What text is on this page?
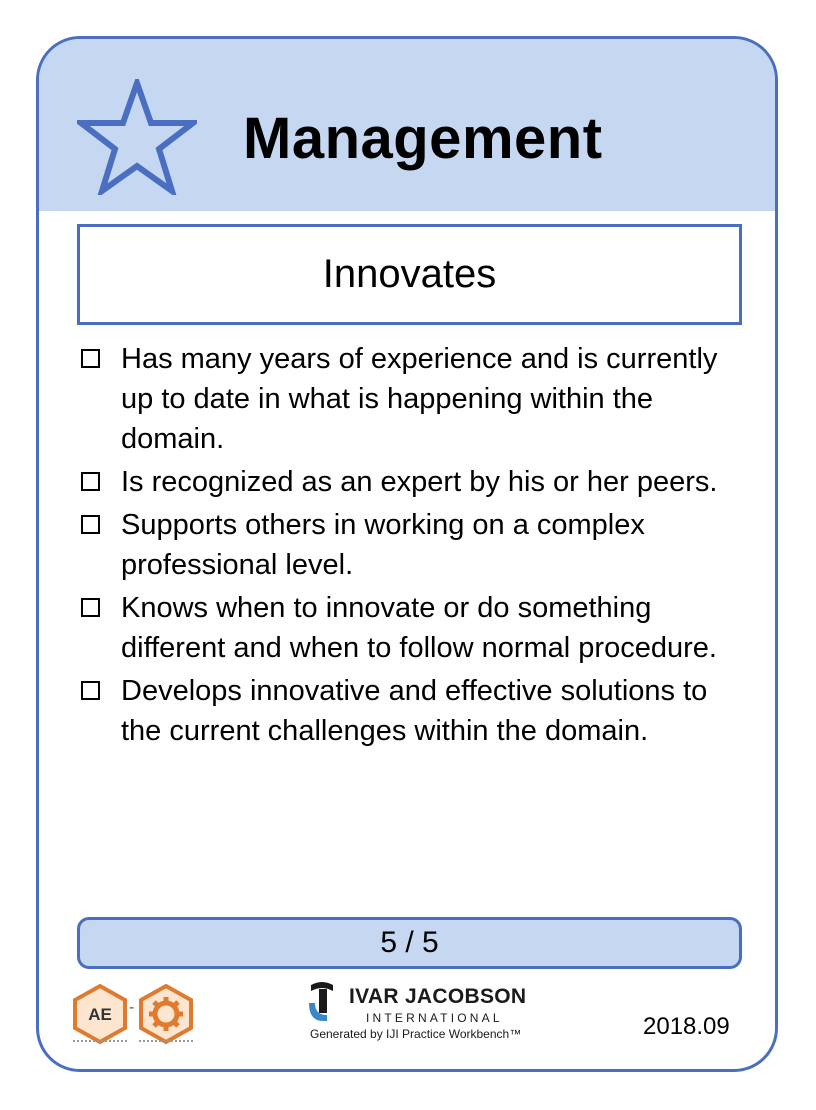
Management
Innovates
Has many years of experience and is currently up to date in what is happening within the domain.
Is recognized as an expert by his or her peers.
Supports others in working on a complex professional level.
Knows when to innovate or do something different and when to follow normal procedure.
Develops innovative and effective solutions to the current challenges within the domain.
5 / 5
AE -	IVAR JACOBSON
INTERNATIONAL
Generated by IJI Practice Workbench™	2018.09
